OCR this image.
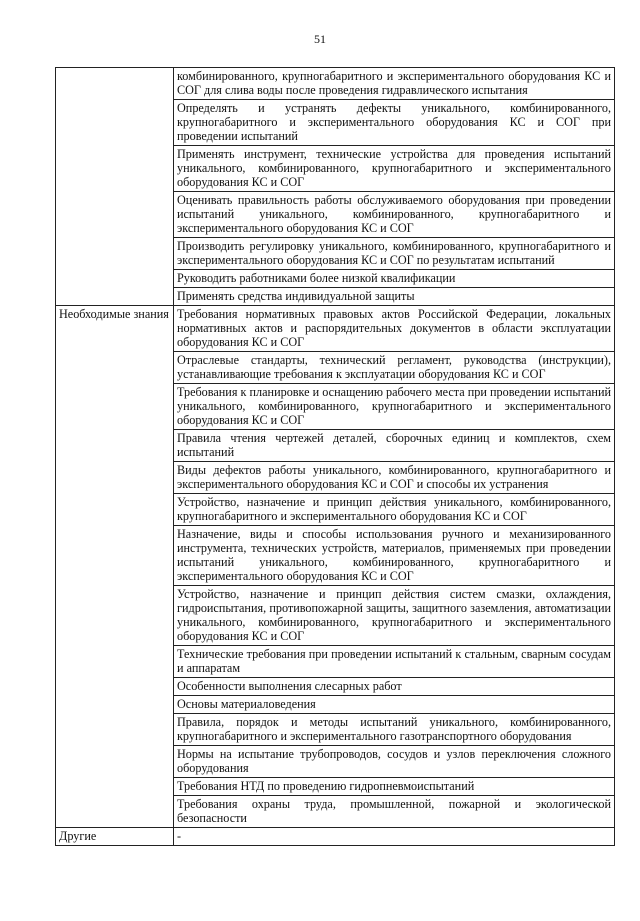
51
	комбинированного, крупногабаритного и экспериментального оборудования КС и СОГ для слива воды после проведения гидравлического испытания
	Определять и устранять дефекты уникального, комбинированного, крупногабаритного и экспериментального оборудования КС и СОГ при проведении испытаний
	Применять инструмент, технические устройства для проведения испытаний уникального, комбинированного, крупногабаритного и экспериментального оборудования КС и СОГ
	Оценивать правильность работы обслуживаемого оборудования при проведении испытаний уникального, комбинированного, крупногабаритного и экспериментального оборудования КС и СОГ
	Производить регулировку уникального, комбинированного, крупногабаритного и экспериментального оборудования КС и СОГ по результатам испытаний
	Руководить работниками более низкой квалификации
	Применять средства индивидуальной защиты
Необходимые знания	Требования нормативных правовых актов Российской Федерации, локальных нормативных актов и распорядительных документов в области эксплуатации оборудования КС и СОГ
	Отраслевые стандарты, технический регламент, руководства (инструкции), устанавливающие требования к эксплуатации оборудования КС и СОГ
	Требования к планировке и оснащению рабочего места при проведении испытаний уникального, комбинированного, крупногабаритного и экспериментального оборудования КС и СОГ
	Правила чтения чертежей деталей, сборочных единиц и комплектов, схем испытаний
	Виды дефектов работы уникального, комбинированного, крупногабаритного и экспериментального оборудования КС и СОГ и способы их устранения
	Устройство, назначение и принцип действия уникального, комбинированного, крупногабаритного и экспериментального оборудования КС и СОГ
	Назначение, виды и способы использования ручного и механизированного инструмента, технических устройств, материалов, применяемых при проведении испытаний уникального, комбинированного, крупногабаритного и экспериментального оборудования КС и СОГ
	Устройство, назначение и принцип действия систем смазки, охлаждения, гидроиспытания, противопожарной защиты, защитного заземления, автоматизации уникального, комбинированного, крупногабаритного и экспериментального оборудования КС и СОГ
	Технические требования при проведении испытаний к стальным, сварным сосудам и аппаратам
	Особенности выполнения слесарных работ
	Основы материаловедения
	Правила, порядок и методы испытаний уникального, комбинированного, крупногабаритного и экспериментального газотранспортного оборудования
	Нормы на испытание трубопроводов, сосудов и узлов переключения сложного оборудования
	Требования НТД по проведению гидропневмоиспытаний
	Требования охраны труда, промышленной, пожарной и экологической безопасности
Другие	-
